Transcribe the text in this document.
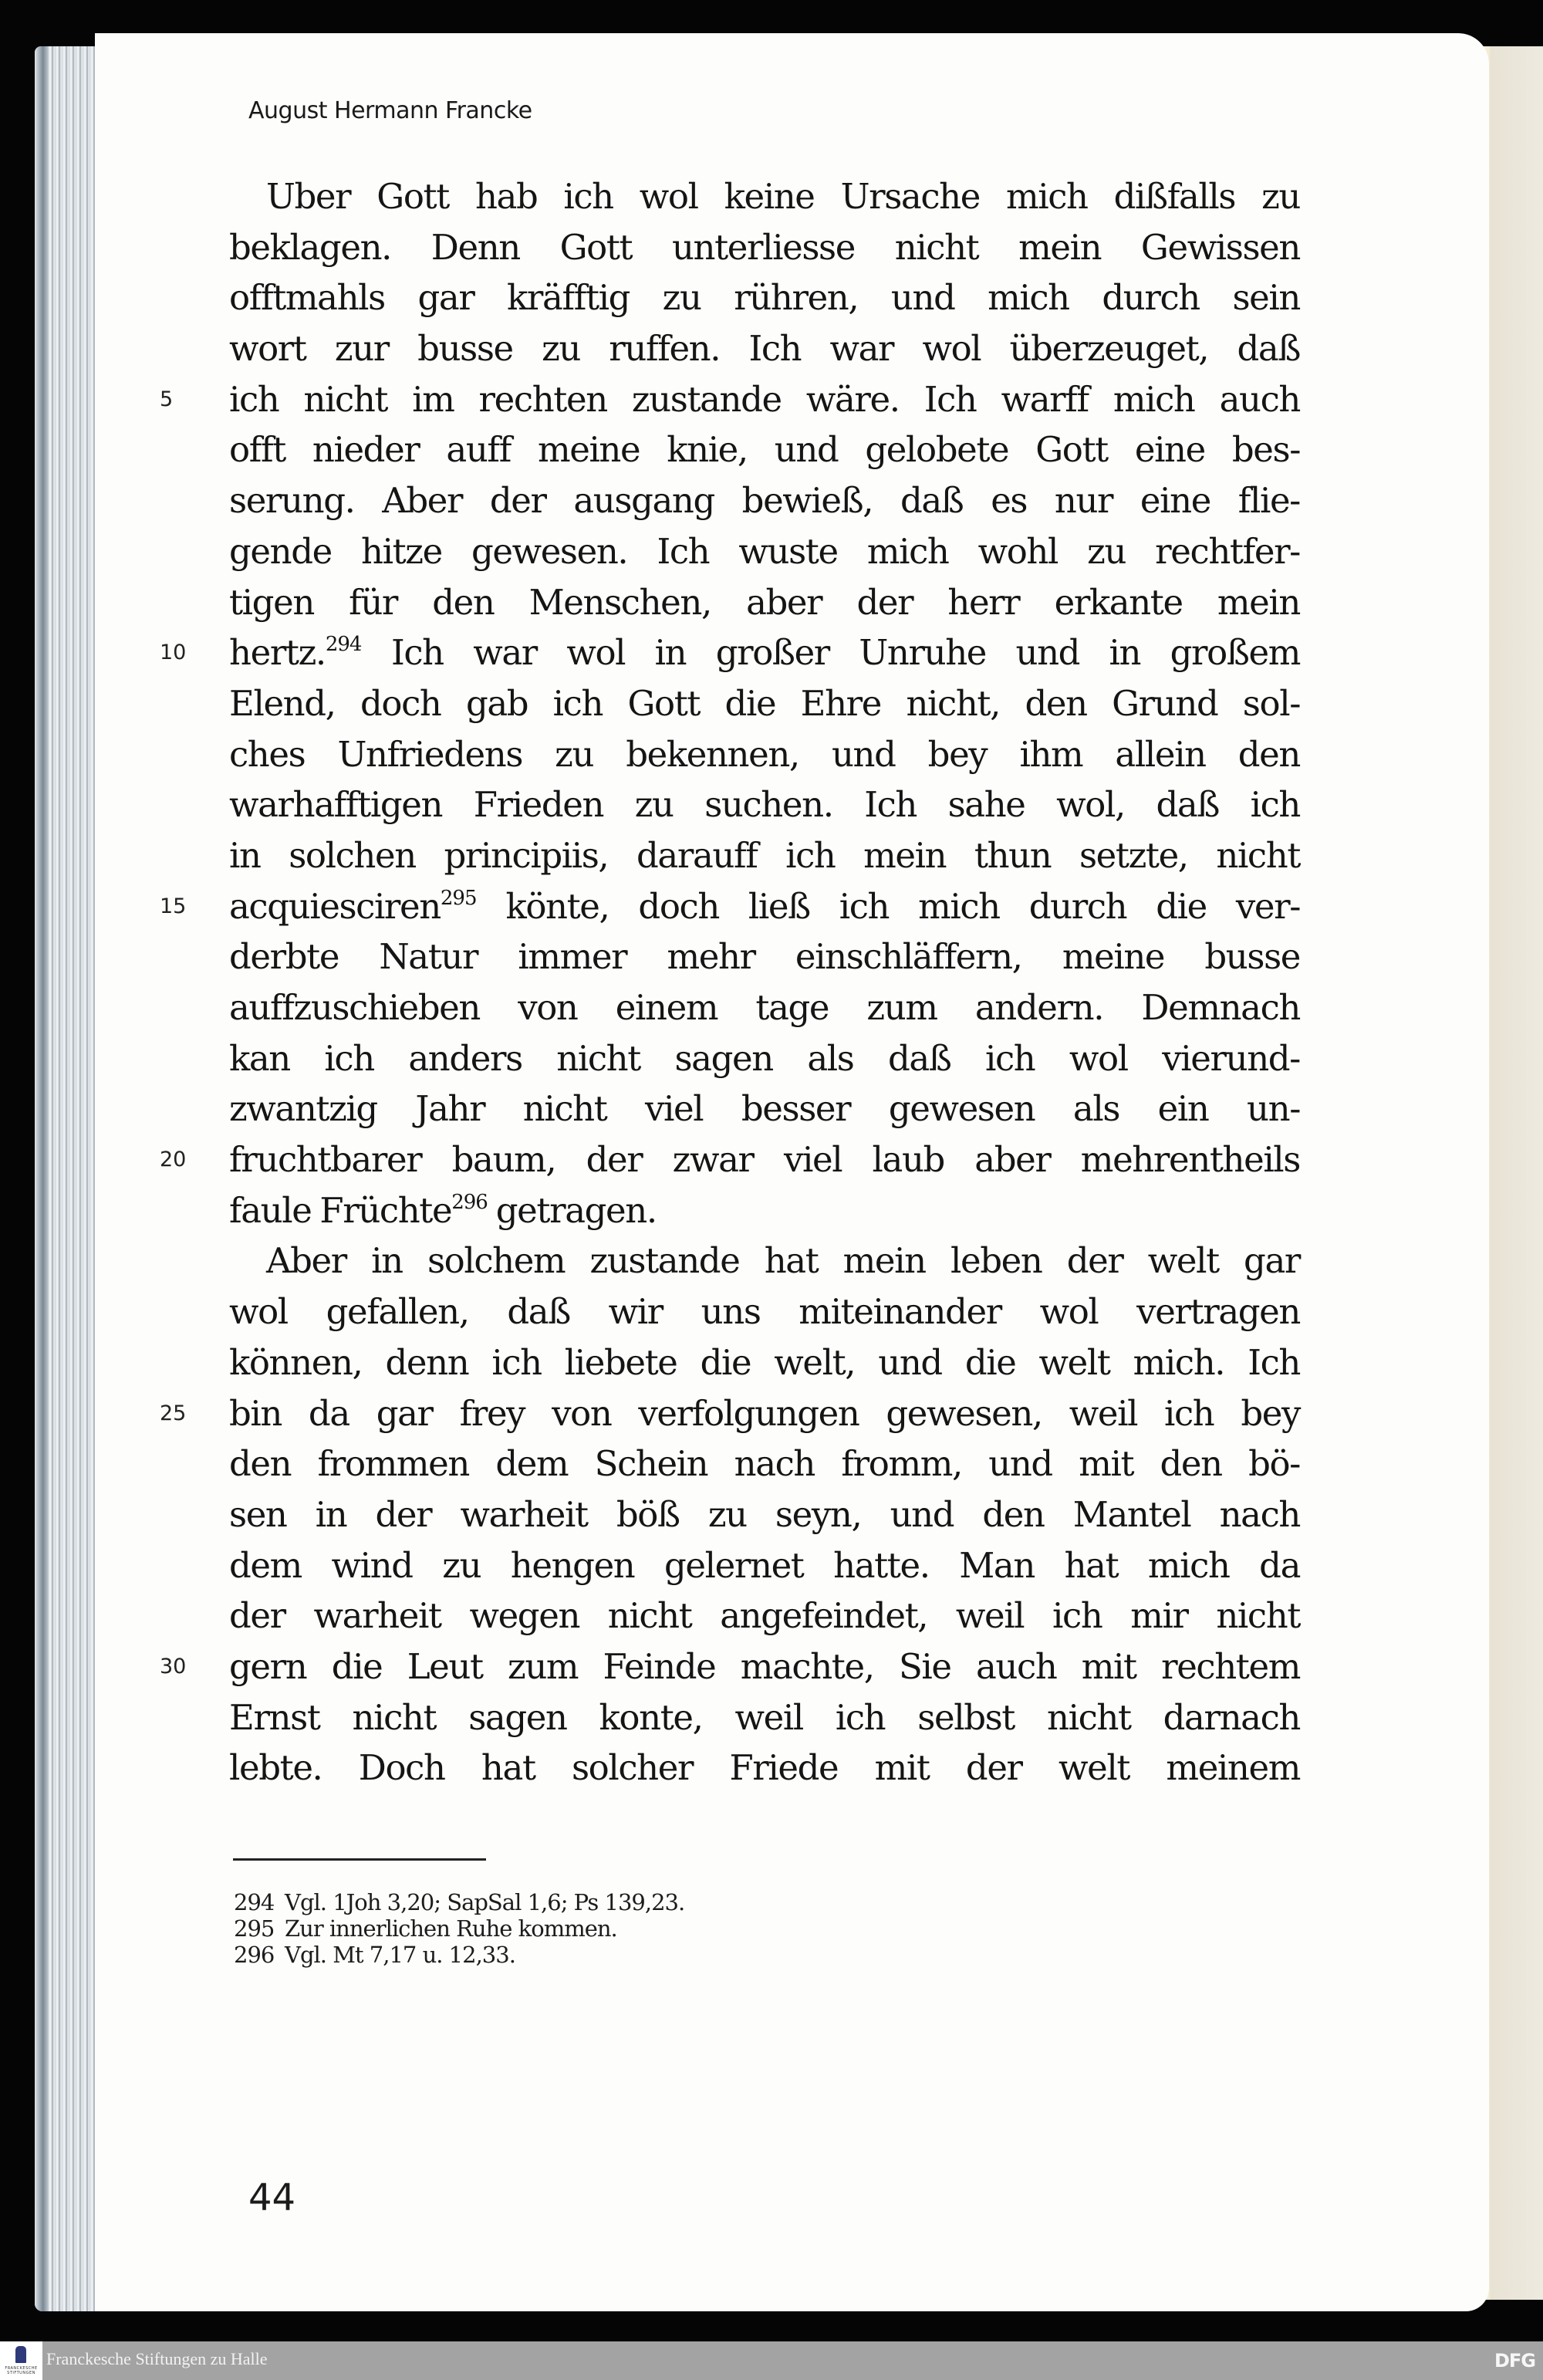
August Hermann Francke
Uber Gott hab ich wol keine Ursache mich dißfalls zu
beklagen. Denn Gott unterliesse nicht mein Gewissen
offtmahls gar kräfftig zu rühren, und mich durch sein
wort zur busse zu ruffen. Ich war wol überzeuget, daß
5	ich nicht im rechten zustande wäre. Ich warff mich auch
offt nieder auff meine knie, und gelobete Gott eine bes-
serung. Aber der ausgang bewieß, daß es nur eine flie-
gende hitze gewesen. Ich wuste mich wohl zu rechtfer-
tigen für den Menschen, aber der herr erkante mein
10	hertz.$^{294}$ Ich war wol in großer Unruhe und in großem
Elend, doch gab ich Gott die Ehre nicht, den Grund sol-
ches Unfriedens zu bekennen, und bey ihm allein den
warhafftigen Frieden zu suchen. Ich sahe wol, daß ich
in solchen principiis, darauff ich mein thun setzte, nicht
15	acquiesciren$^{295}$ könte, doch ließ ich mich durch die ver-
derbte Natur immer mehr einschläffern, meine busse
auffzuschieben von einem tage zum andern. Demnach
kan ich anders nicht sagen als daß ich wol vierund-
zwantzig Jahr nicht viel besser gewesen als ein un-
20	fruchtbarer baum, der zwar viel laub aber mehrentheils
faule Früchte$^{296}$ getragen.
Aber in solchem zustande hat mein leben der welt gar
wol gefallen, daß wir uns miteinander wol vertragen
können, denn ich liebete die welt, und die welt mich. Ich
25	bin da gar frey von verfolgungen gewesen, weil ich bey
den frommen dem Schein nach fromm, und mit den bö-
sen in der warheit böß zu seyn, und den Mantel nach
dem wind zu hengen gelernet hatte. Man hat mich da
der warheit wegen nicht angefeindet, weil ich mir nicht
30	gern die Leut zum Feinde machte, Sie auch mit rechtem
Ernst nicht sagen konte, weil ich selbst nicht darnach
lebte. Doch hat solcher Friede mit der welt meinem
294 Vgl. 1Joh 3,20; SapSal 1,6; Ps 139,23.
295 Zur innerlichen Ruhe kommen.
296 Vgl. Mt 7,17 u. 12,33.
44
FRANCKESCHE STIFTUNGEN
Franckesche Stiftungen zu Halle	DFG
